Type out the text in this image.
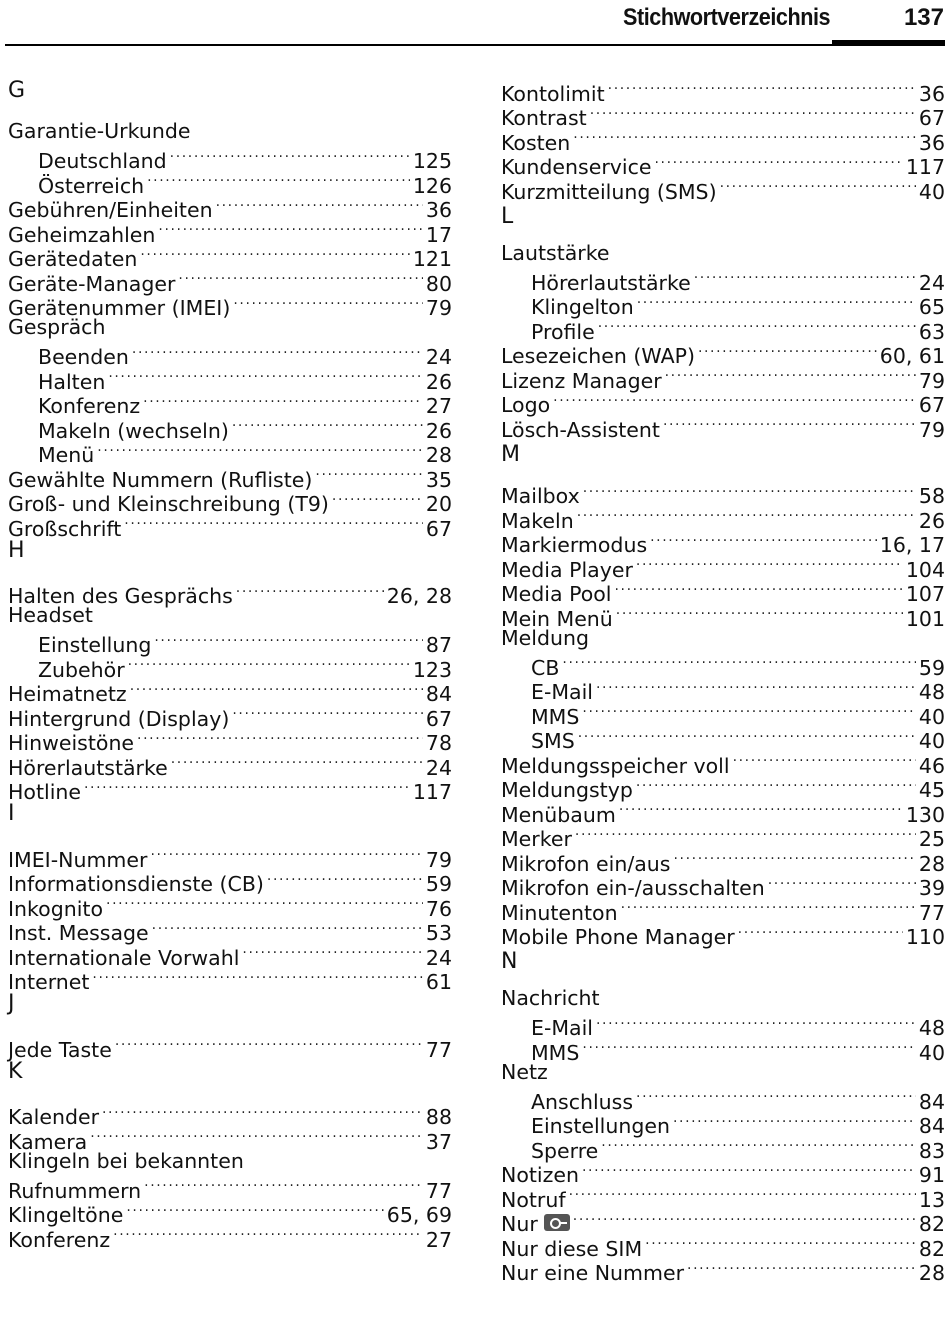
Stichwortverzeichnis	137
G
Garantie-Urkunde
Deutschland .....	125
Österreich .....	126
Gebühren/Einheiten .....	36
Geheimzahlen .....	17
Gerätedaten .....	121
Geräte-Manager .....	80
Gerätenummer (IMEI) .....	79
Gespräch
Beenden .....	24
Halten .....	26
Konferenz .....	27
Makeln (wechseln) .....	26
Menü .....	28
Gewählte Nummern (Rufliste) .....	35
Groß- und Kleinschreibung (T9) .....	20
Großschrift .....	67
H
Halten des Gesprächs .....	26, 28
Headset
Einstellung .....	87
Zubehör .....	123
Heimatnetz .....	84
Hintergrund (Display) .....	67
Hinweistöne .....	78
Hörerlautstärke .....	24
Hotline .....	117
I
IMEI-Nummer .....	79
Informationsdienste (CB) .....	59
Inkognito .....	76
Inst. Message .....	53
Internationale Vorwahl .....	24
Internet .....	61
J
Jede Taste .....	77
K
Kalender .....	88
Kamera .....	37
Klingeln bei bekannten
Rufnummern .....	77
Klingeltöne .....	65, 69
Konferenz .....	27
Kontolimit .....	36
Kontrast .....	67
Kosten .....	36
Kundenservice .....	117
Kurzmitteilung (SMS) .....	40
L
Lautstärke
Hörerlautstärke .....	24
Klingelton .....	65
Profile .....	63
Lesezeichen (WAP) .....	60, 61
Lizenz Manager .....	79
Logo .....	67
Lösch-Assistent .....	79
M
Mailbox .....	58
Makeln .....	26
Markiermodus .....	16, 17
Media Player .....	104
Media Pool .....	107
Mein Menü .....	101
Meldung
CB .....	59
E-Mail .....	48
MMS .....	40
SMS .....	40
Meldungsspeicher voll .....	46
Meldungstyp .....	45
Menübaum .....	130
Merker .....	25
Mikrofon ein/aus .....	28
Mikrofon ein-/ausschalten .....	39
Minutenton .....	77
Mobile Phone Manager .....	110
N
Nachricht
E-Mail .....	48
MMS .....	40
Netz
Anschluss .....	84
Einstellungen .....	84
Sperre .....	83
Notizen .....	91
Notruf .....	13
Nur .....	82
Nur diese SIM .....	82
Nur eine Nummer .....	28
